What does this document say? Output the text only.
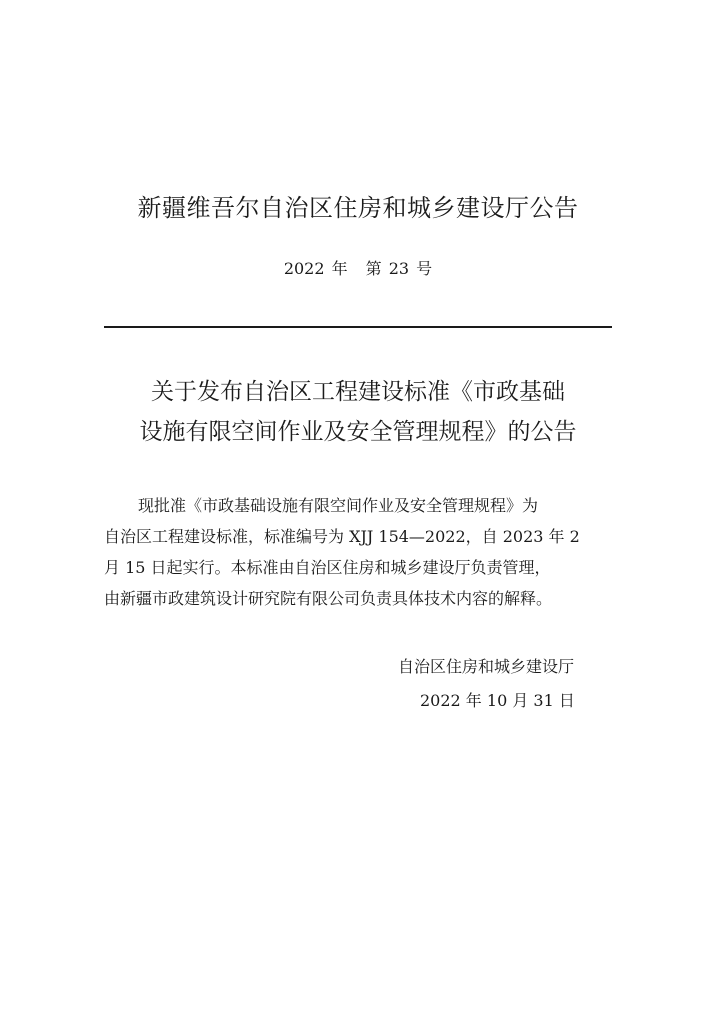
新疆维吾尔自治区住房和城乡建设厅公告
2022 年 第 23 号
关于发布自治区工程建设标准《市政基础
设施有限空间作业及安全管理规程》的公告
现批准《市政基础设施有限空间作业及安全管理规程》为
自治区工程建设标准，标准编号为 XJJ 154—2022，自 2023 年 2
月 15 日起实行。本标准由自治区住房和城乡建设厅负责管理，
由新疆市政建筑设计研究院有限公司负责具体技术内容的解释。
自治区住房和城乡建设厅
2022 年 10 月 31 日
